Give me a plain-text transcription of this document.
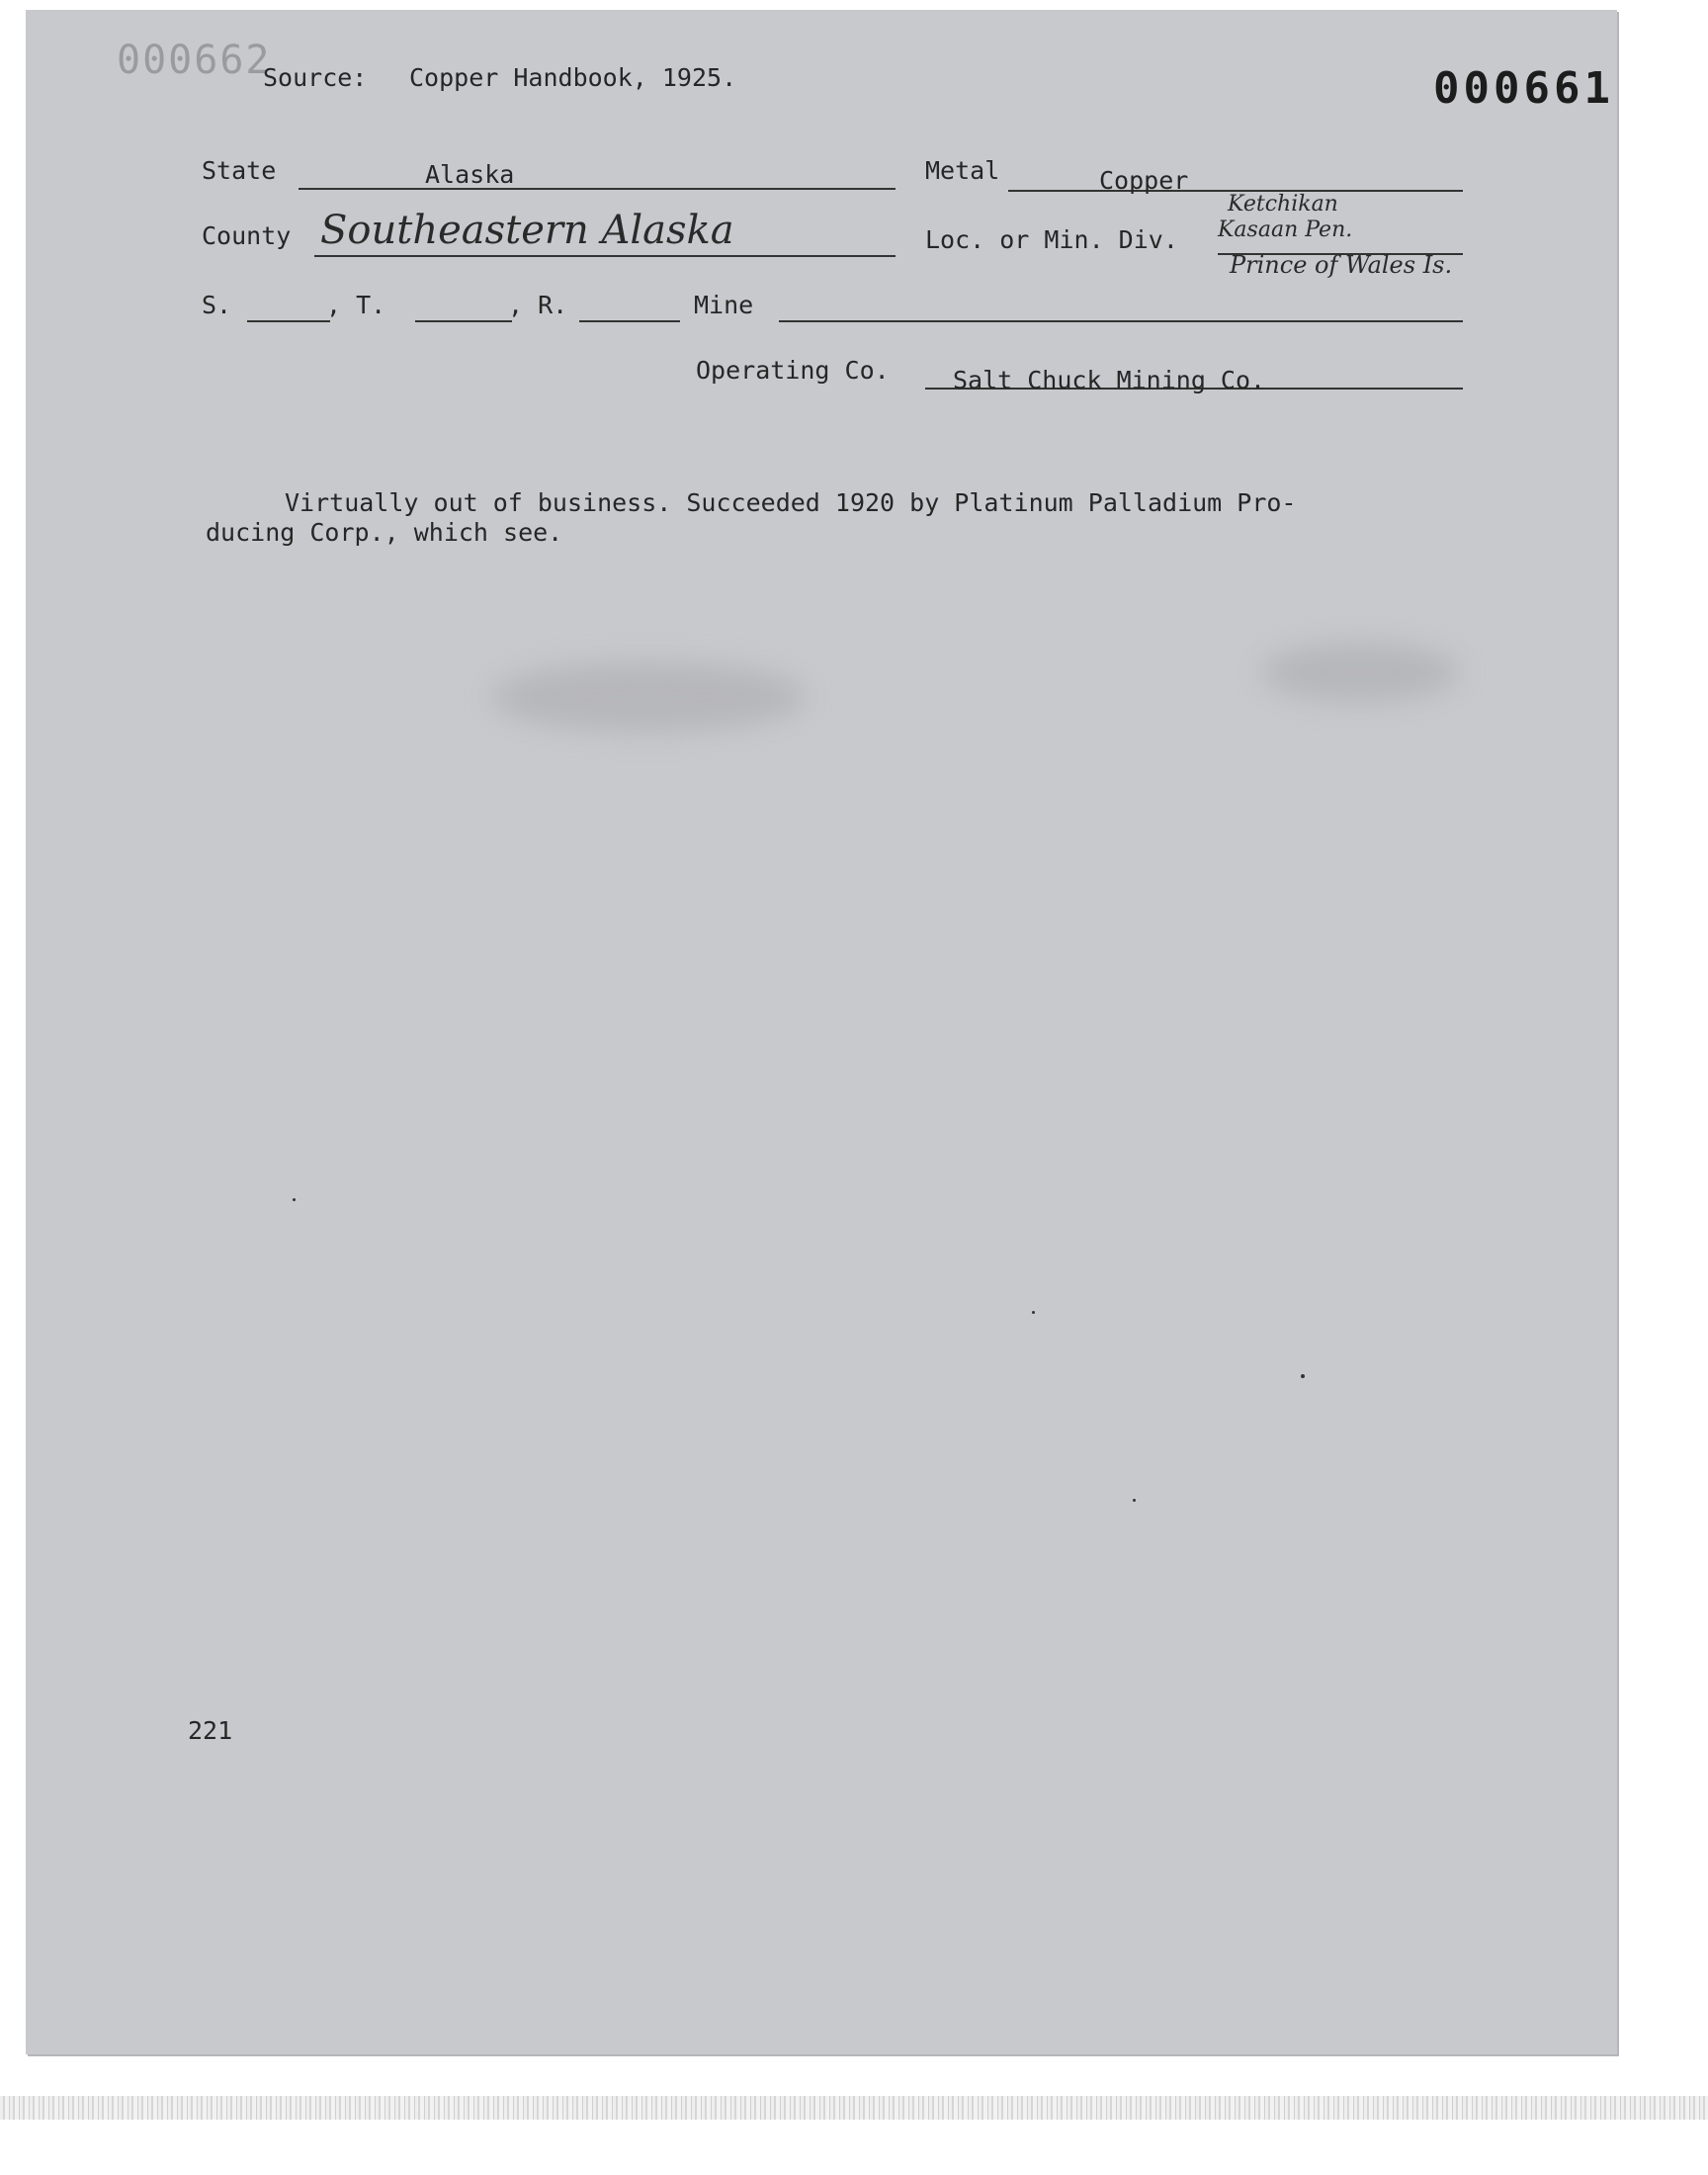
000662
Source: Copper Handbook, 1925.	000661
State	Alaska	Metal	Copper
County Southeastern Alaska	Loc. or Min. Div.
Ketchikan
Kasaan Pen.
Prince of Wales Is.
S.	, T.	, R.	Mine
Operating Co.	Salt Chuck Mining Co.
Virtually out of business. Succeeded 1920 by Platinum Palladium Pro-
ducing Corp., which see.
221
